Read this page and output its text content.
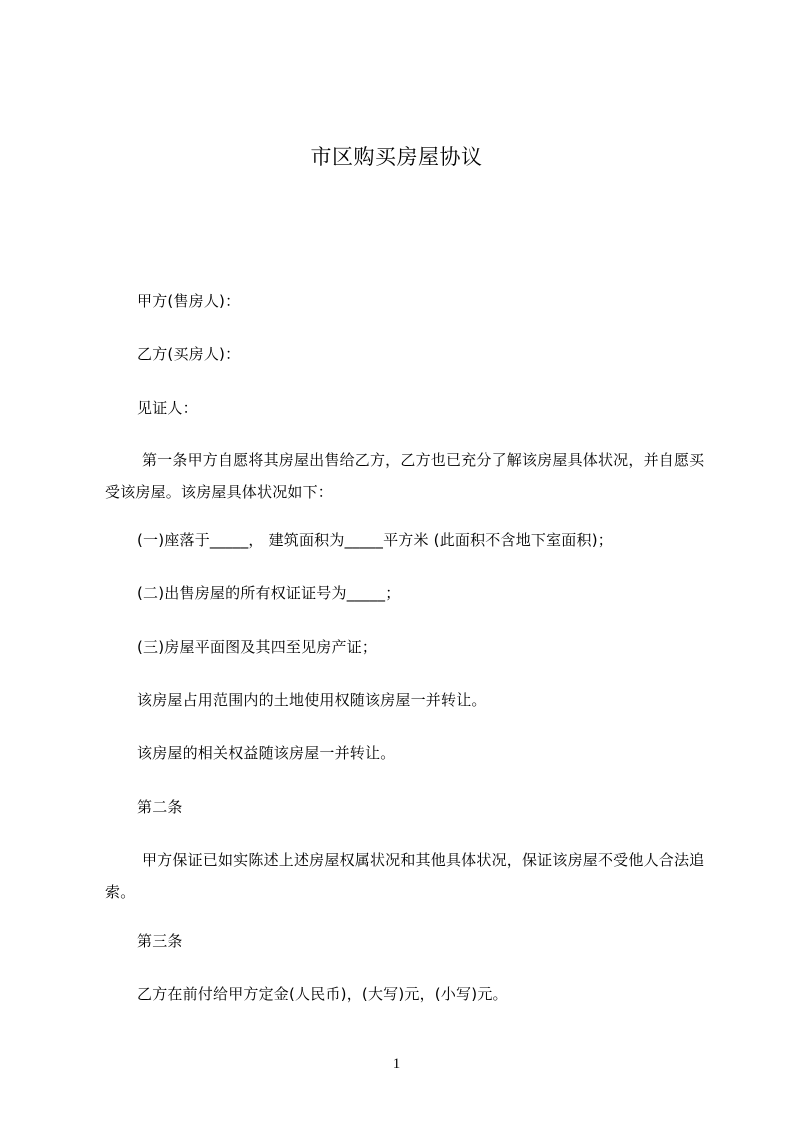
市区购买房屋协议
甲方(售房人)：
乙方(买房人)：
见证人：
第一条甲方自愿将其房屋出售给乙方，乙方也已充分了解该房屋具体状况，并自愿买受该房屋。该房屋具体状况如下：
(一)座落于_____， 建筑面积为_____平方米 (此面积不含地下室面积)；
(二)出售房屋的所有权证证号为_____；
(三)房屋平面图及其四至见房产证；
该房屋占用范围内的土地使用权随该房屋一并转让。
该房屋的相关权益随该房屋一并转让。
第二条
甲方保证已如实陈述上述房屋权属状况和其他具体状况，保证该房屋不受他人合法追索。
第三条
乙方在前付给甲方定金(人民币)，(大写)元，(小写)元。
1
